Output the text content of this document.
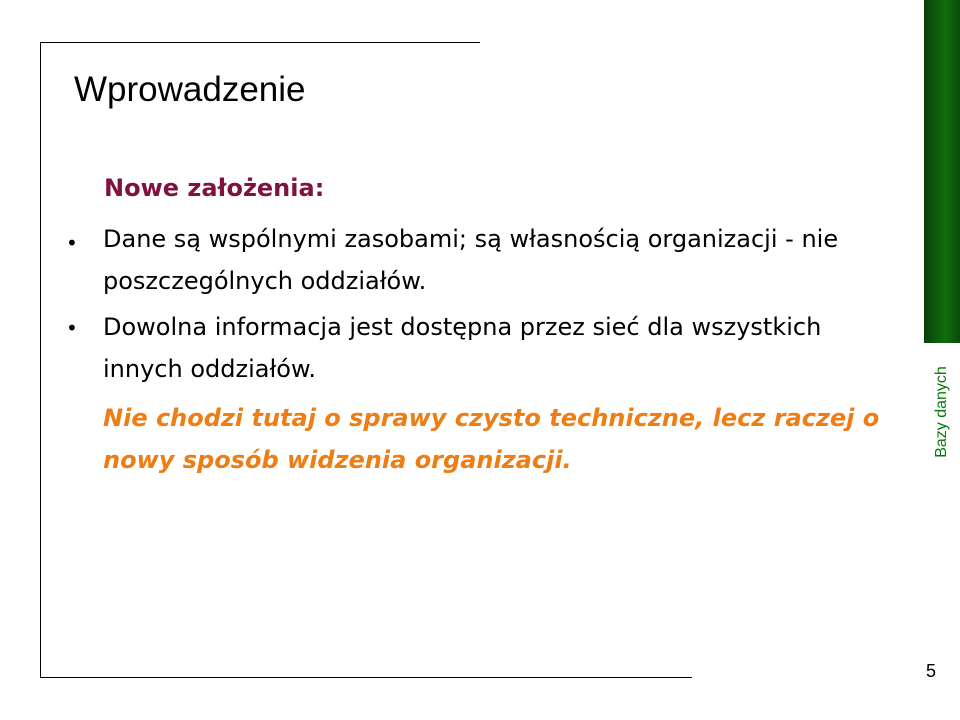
Wprowadzenie
Nowe założenia:
• Dane są wspólnymi zasobami; są własnością organizacji - nie poszczególnych oddziałów.
• Dowolna informacja jest dostępna przez sieć dla wszystkich innych oddziałów.
Nie chodzi tutaj o sprawy czysto techniczne, lecz raczej o nowy sposób widzenia organizacji.
Bazy danych
5
